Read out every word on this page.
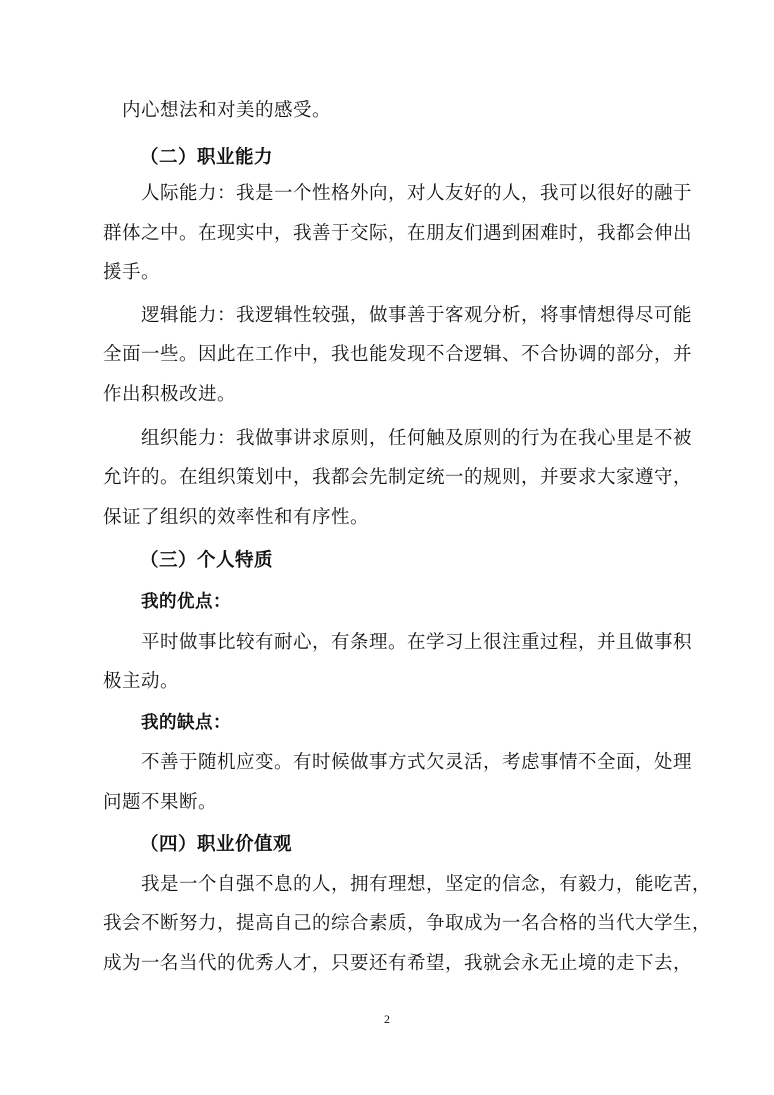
内心想法和对美的感受。
（二）职业能力
人际能力：我是一个性格外向，对人友好的人，我可以很好的融于
群体之中。在现实中，我善于交际，在朋友们遇到困难时，我都会伸出
援手。
逻辑能力：我逻辑性较强，做事善于客观分析，将事情想得尽可能
全面一些。因此在工作中，我也能发现不合逻辑、不合协调的部分，并
作出积极改进。
组织能力：我做事讲求原则，任何触及原则的行为在我心里是不被
允许的。在组织策划中，我都会先制定统一的规则，并要求大家遵守，
保证了组织的效率性和有序性。
（三）个人特质
我的优点：
平时做事比较有耐心，有条理。在学习上很注重过程，并且做事积
极主动。
我的缺点：
不善于随机应变。有时候做事方式欠灵活，考虑事情不全面，处理
问题不果断。
（四）职业价值观
我是一个自强不息的人，拥有理想，坚定的信念，有毅力，能吃苦，
我会不断努力，提高自己的综合素质，争取成为一名合格的当代大学生，
成为一名当代的优秀人才，只要还有希望，我就会永无止境的走下去，
2
